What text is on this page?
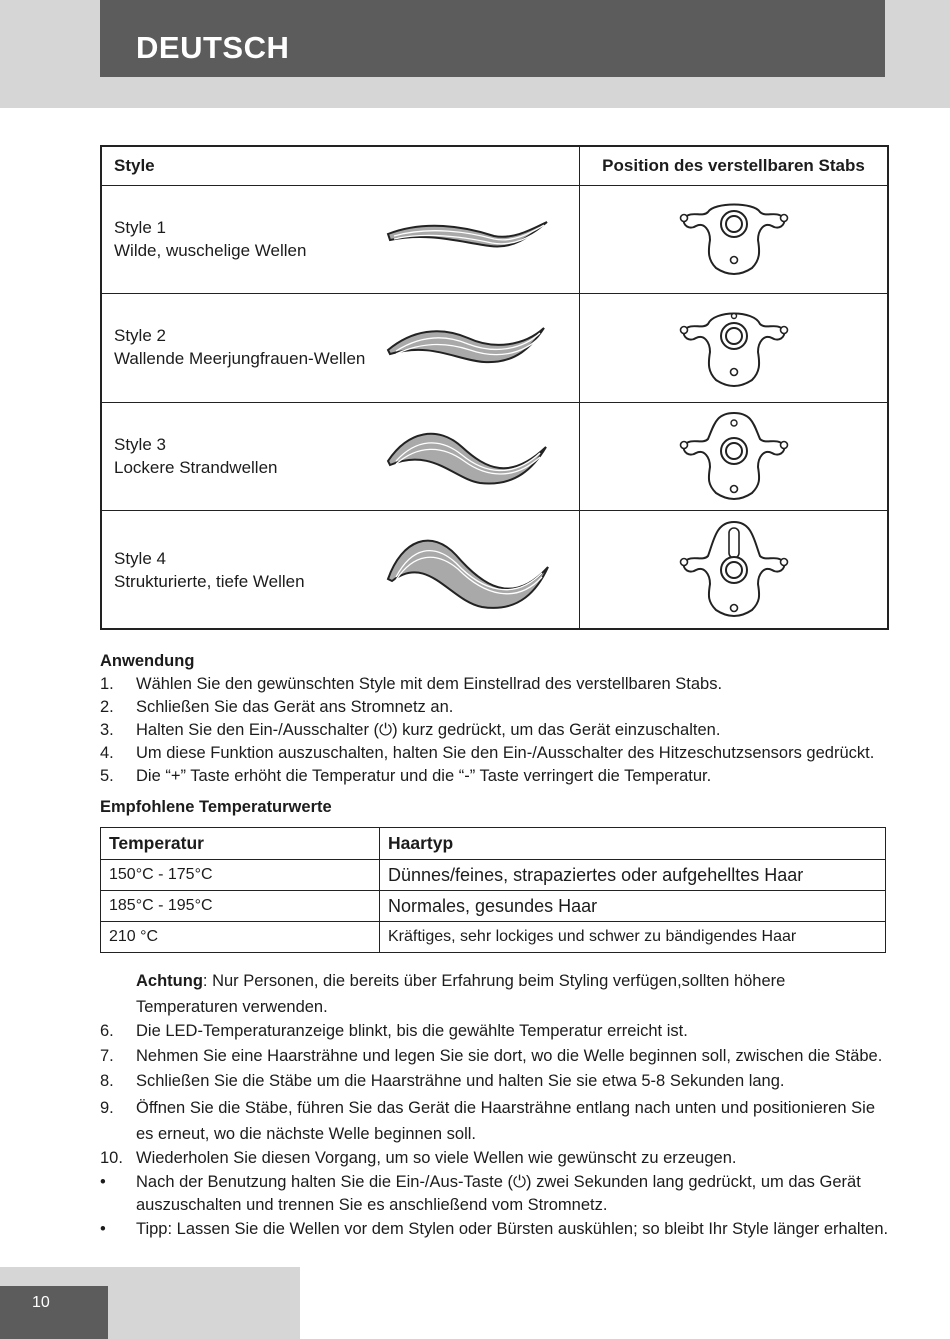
DEUTSCH
Style	Position des verstellbaren Stabs

Style 1
Wilde, wuschelige Wellen

Style 2
Wallende Meerjungfrauen-Wellen

Style 3
Lockere Strandwellen

Style 4
Strukturierte, tiefe Wellen

Anwendung
1. Wählen Sie den gewünschten Style mit dem Einstellrad des verstellbaren Stabs.
2. Schließen Sie das Gerät ans Stromnetz an.
3. Halten Sie den Ein-/Ausschalter (⏻) kurz gedrückt, um das Gerät einzuschalten.
4. Um diese Funktion auszuschalten, halten Sie den Ein-/Ausschalter des Hitzeschutzsensors gedrückt.
5. Die “+” Taste erhöht die Temperatur und die “-” Taste verringert die Temperatur.
Empfohlene Temperaturwerte
Temperatur	Haartyp
150°C - 175°C	Dünnes/feines, strapaziertes oder aufgehelltes Haar
185°C - 195°C	Normales, gesundes Haar
210 °C	Kräftiges, sehr lockiges und schwer zu bändigendes Haar
Achtung: Nur Personen, die bereits über Erfahrung beim Styling verfügen,sollten höhere Temperaturen verwenden.
6. Die LED-Temperaturanzeige blinkt, bis die gewählte Temperatur erreicht ist.
7. Nehmen Sie eine Haarsträhne und legen Sie sie dort, wo die Welle beginnen soll, zwischen die Stäbe.
8. Schließen Sie die Stäbe um die Haarsträhne und halten Sie sie etwa 5-8 Sekunden lang.
9. Öffnen Sie die Stäbe, führen Sie das Gerät die Haarsträhne entlang nach unten und positionieren Sie es erneut, wo die nächste Welle beginnen soll.
10. Wiederholen Sie diesen Vorgang, um so viele Wellen wie gewünscht zu erzeugen.
• Nach der Benutzung halten Sie die Ein-/Aus-Taste (⏻) zwei Sekunden lang gedrückt, um das Gerät auszuschalten und trennen Sie es anschließend vom Stromnetz.
• Tipp: Lassen Sie die Wellen vor dem Stylen oder Bürsten auskühlen; so bleibt Ihr Style länger erhalten.
10
